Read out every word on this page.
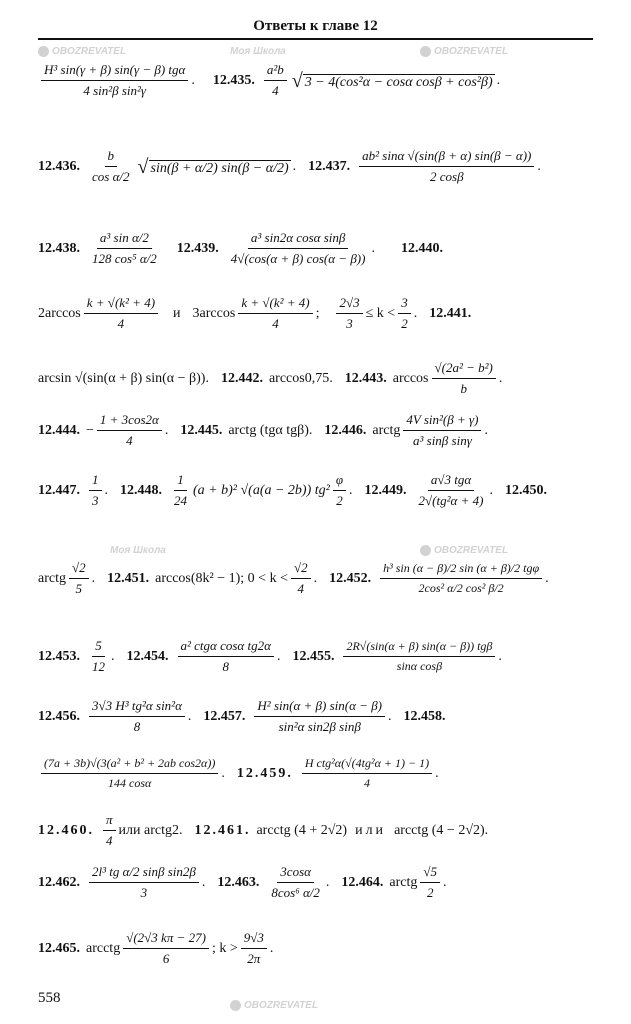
Ответы к главе 12
OBOZREVATEL	Моя Школа	OBOZREVATEL
Моя Школа	OBOZREVATEL
OBOZREVATEL
$\frac{\text{H³ sin(γ + β) sin(γ − β) tgα}}{\text{4 sin²β sin²γ}}$ . 12.435. $\frac{\text{a²b}}{4}$ √ 3 − 4(cos²α − cosα cosβ + cos²β) .
12.436. $\frac{b}{\text{cos α/2}}$ √ sin(β + α/2) sin(β − α/2) . 12.437. $\frac{\text{ab² sinα √(sin(β + α) sin(β − α))}}{2 \cos\beta}$ .
12.438. $\frac{\text{a³ sin α/2}}{\text{128 cos⁵ α/2}} 12.439$. $\frac{\text{a³ sin2α cosα sinβ}}{4√(\cos(\alpha + \beta) \cos(\alpha - \beta))}$ . 12.440.
$2\arccos \frac{\text{k + √(k² + 4)}}{4}$ и $3\arccos \frac{\text{k + √(k² + 4)}}{4}$ ; $\frac{2√3}{3} \le k < \frac{3}{2}$ . 12.441.
arcsin √(sin(α + β) sin(α − β)). 12.442. arccos0,75. 12.443. $\arccos \frac{\text{√(2a² − b²)}}{b}$ .
12.444. − $\frac{1 + 3\cos 2\alpha}{4}$ . 12.445. arctg (tgα tgβ). 12.446. arctg $\frac{\text{4V sin²(β + γ)}}{\text{a³ sinβ sinγ}}$ .
12.447. $\frac{1}{3}$ . 12.448. $\frac{1}{24} (a + b)^2$ √(a(a − 2b)) $tg^2 \frac{\varphi}{2}$ . 12.449. $\frac{\text{a√3 tgα}}{\text{2√(tg²α + 4)}}$ . 12.450.
arctg $\frac{√2}{5}$ . 12.451. arccos(8k² − 1); $0 < k < \frac{√2}{4}$ . 12.452. $\frac{\text{h³ sin (α − β)/2 sin (α + β)/2 tgφ}}{\text{2cos² α/2 cos² β/2}}$ .
12.453. $\frac{5}{12}$ . 12.454. $\frac{\text{a² ctgα cosα tg2α}}{8}$ . 12.455. $\frac{\text{2R√(sin(α + β) sin(α − β)) tgβ}}{\text{sinα cosβ}}$ .
12.456. $\frac{\text{3√3 H³ tg²α sin²α}}{8}$ . 12.457. $\frac{\text{H² sin(α + β) sin(α − β)}}{\text{sin²α sin2β sinβ}}$ . 12.458.
$\frac{\text{(7a + 3b)√(3(a² + b² + 2ab cos2α))}}{144 \cos\alpha}$ . 12.459. $\frac{\text{H ctg²α(√(4tg²α + 1) − 1)}}{4}$ .
12.460. $\frac{\pi}{4}$ или arctg2. 12.461. arcctg (4 + 2√2) или arcctg (4 − 2√2).
12.462. $\frac{\text{2l³ tg α/2 sinβ sin2β}}{3}$ . 12.463. $\frac{3\cos\alpha}{\text{8cos⁶ α/2}}$ . 12.464. arctg $\frac{√5}{2}$ .
12.465. arcctg $\frac{√(2√3 k\pi - 27)}{6}$ ; $k > \frac{9√3}{2\pi}$ .
558
